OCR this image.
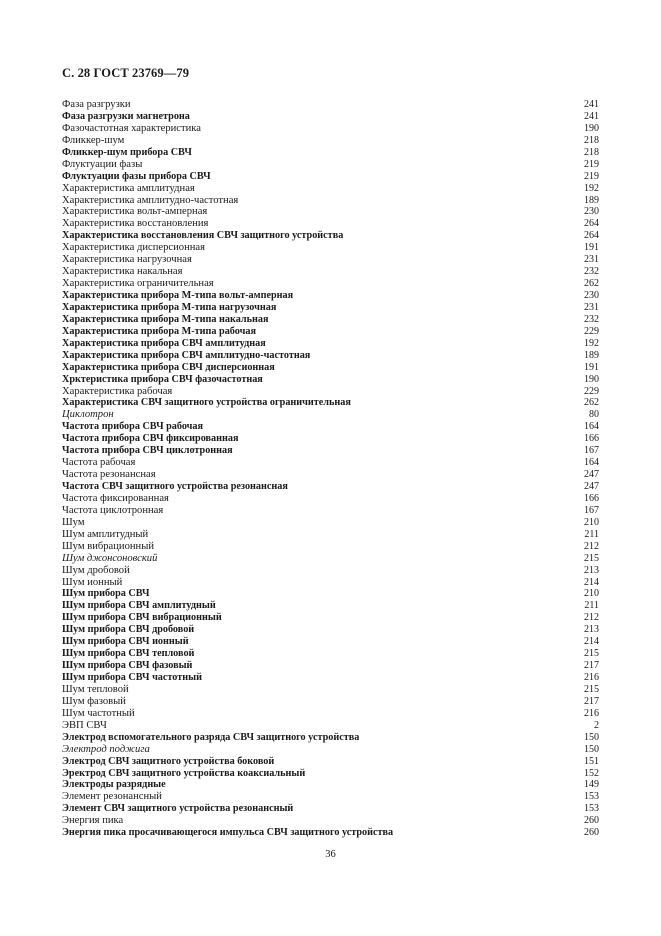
С. 28 ГОСТ 23769—79
Фаза разгрузки	241
Фаза разгрузки магнетрона	241
Фазочастотная характеристика	190
Фликкер-шум	218
Фликкер-шум прибора СВЧ	218
Флуктуации фазы	219
Флуктуации фазы прибора СВЧ	219
Характеристика амплитудная	192
Характеристика амплитудно-частотная	189
Характеристика вольт-амперная	230
Характеристика восстановления	264
Характеристика восстановления СВЧ защитного устройства	264
Характеристика дисперсионная	191
Характеристика нагрузочная	231
Характеристика накальная	232
Характеристика ограничительная	262
Характеристика прибора М-типа вольт-амперная	230
Характеристика прибора М-типа нагрузочная	231
Характеристика прибора М-типа накальная	232
Характеристика прибора М-типа рабочая	229
Характеристика прибора СВЧ амплитудная	192
Характеристика прибора СВЧ амплитудно-частотная	189
Характеристика прибора СВЧ дисперсионная	191
Хрктеристика прибора СВЧ фазочастотная	190
Характеристика рабочая	229
Характеристика СВЧ защитного устройства ограничительная	262
Циклотрон	80
Частота прибора СВЧ рабочая	164
Частота прибора СВЧ фиксированная	166
Частота прибора СВЧ циклотронная	167
Частота рабочая	164
Частота резонансная	247
Частота СВЧ защитного устройства резонансная	247
Частота фиксированная	166
Частота циклотронная	167
Шум	210
Шум амплитудный	211
Шум вибрационный	212
Шум джонсоновский	215
Шум дробовой	213
Шум ионный	214
Шум прибора СВЧ	210
Шум прибора СВЧ амплитудный	211
Шум прибора СВЧ вибрационный	212
Шум прибора СВЧ дробовой	213
Шум прибора СВЧ ионный	214
Шум прибора СВЧ тепловой	215
Шум прибора СВЧ фазовый	217
Шум прибора СВЧ частотный	216
Шум тепловой	215
Шум фазовый	217
Шум частотный	216
ЭВП СВЧ	2
Электрод вспомогательного разряда СВЧ защитного устройства	150
Электрод поджига	150
Электрод СВЧ защитного устройства боковой	151
Эректрод СВЧ защитного устройства коаксиальный	152
Электроды разрядные	149
Элемент резонансный	153
Элемент СВЧ защитного устройства резонансный	153
Энергия пика	260
Энергия пика просачивающегося импульса СВЧ защитного устройства	260
36
